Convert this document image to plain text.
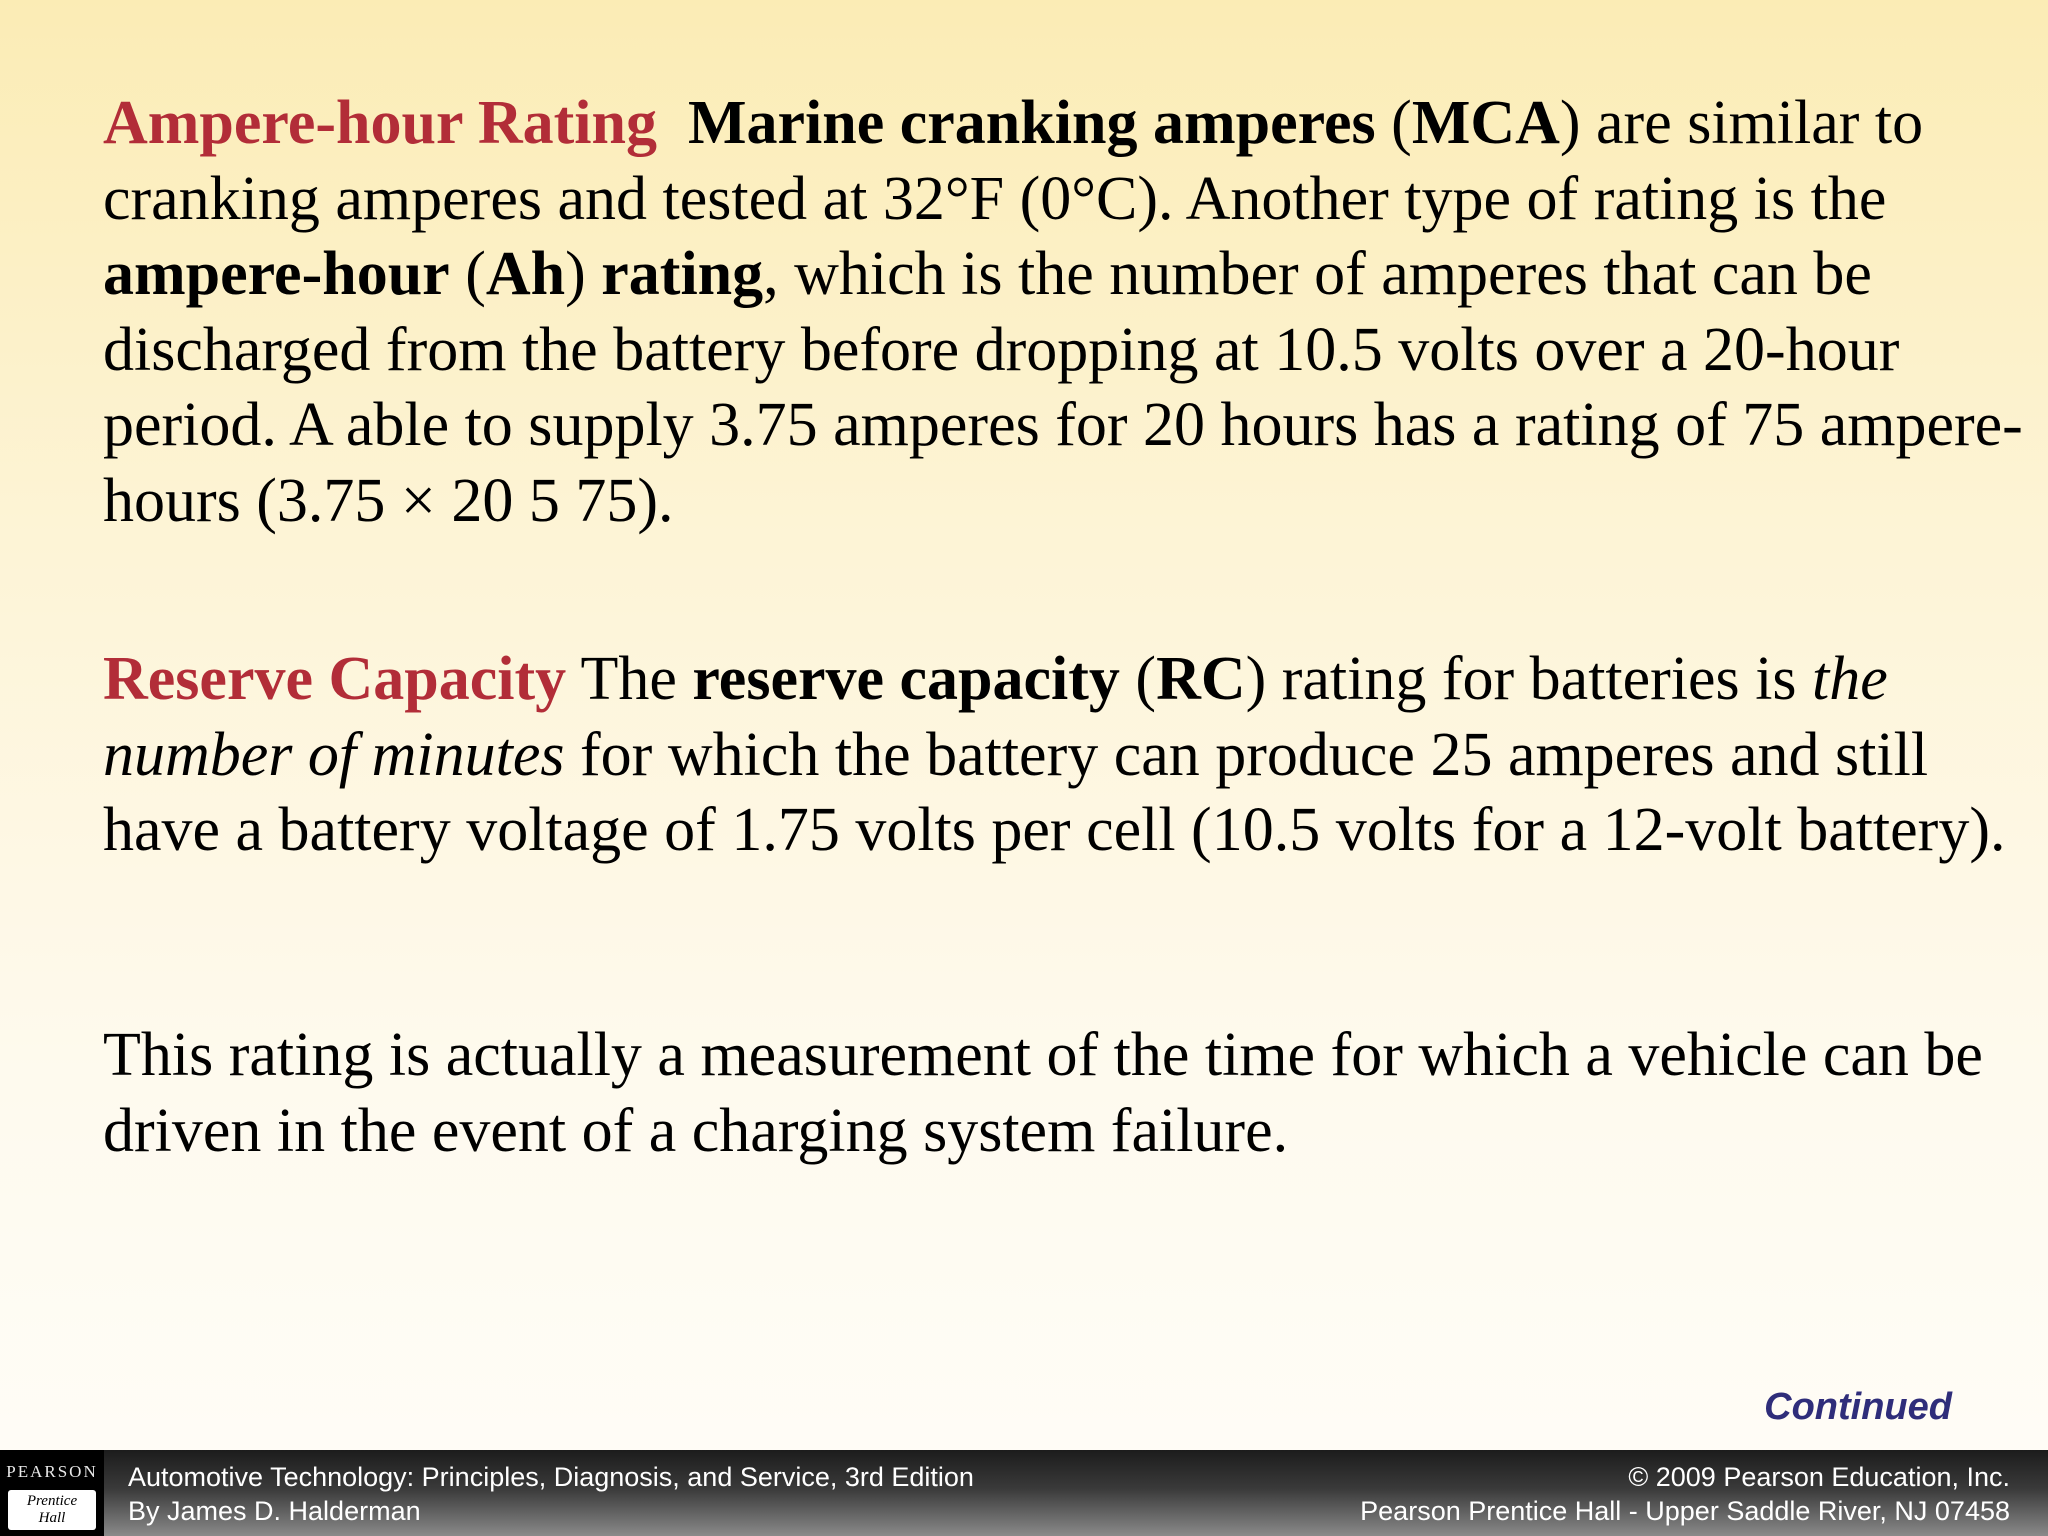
Ampere-hour Rating Marine cranking amperes (MCA) are similar to cranking amperes and tested at 32°F (0°C). Another type of rating is the ampere-hour (Ah) rating, which is the number of amperes that can be discharged from the battery before dropping at 10.5 volts over a 20-hour period. A able to supply 3.75 amperes for 20 hours has a rating of 75 ampere-hours (3.75 × 20 5 75).

Reserve Capacity The reserve capacity (RC) rating for batteries is the number of minutes for which the battery can produce 25 amperes and still have a battery voltage of 1.75 volts per cell (10.5 volts for a 12-volt battery).

This rating is actually a measurement of the time for which a vehicle can be driven in the event of a charging system failure.

Continued
PEARSON
Prentice
Hall
Automotive Technology: Principles, Diagnosis, and Service, 3rd Edition
By James D. Halderman
© 2009 Pearson Education, Inc.
Pearson Prentice Hall - Upper Saddle River, NJ 07458
